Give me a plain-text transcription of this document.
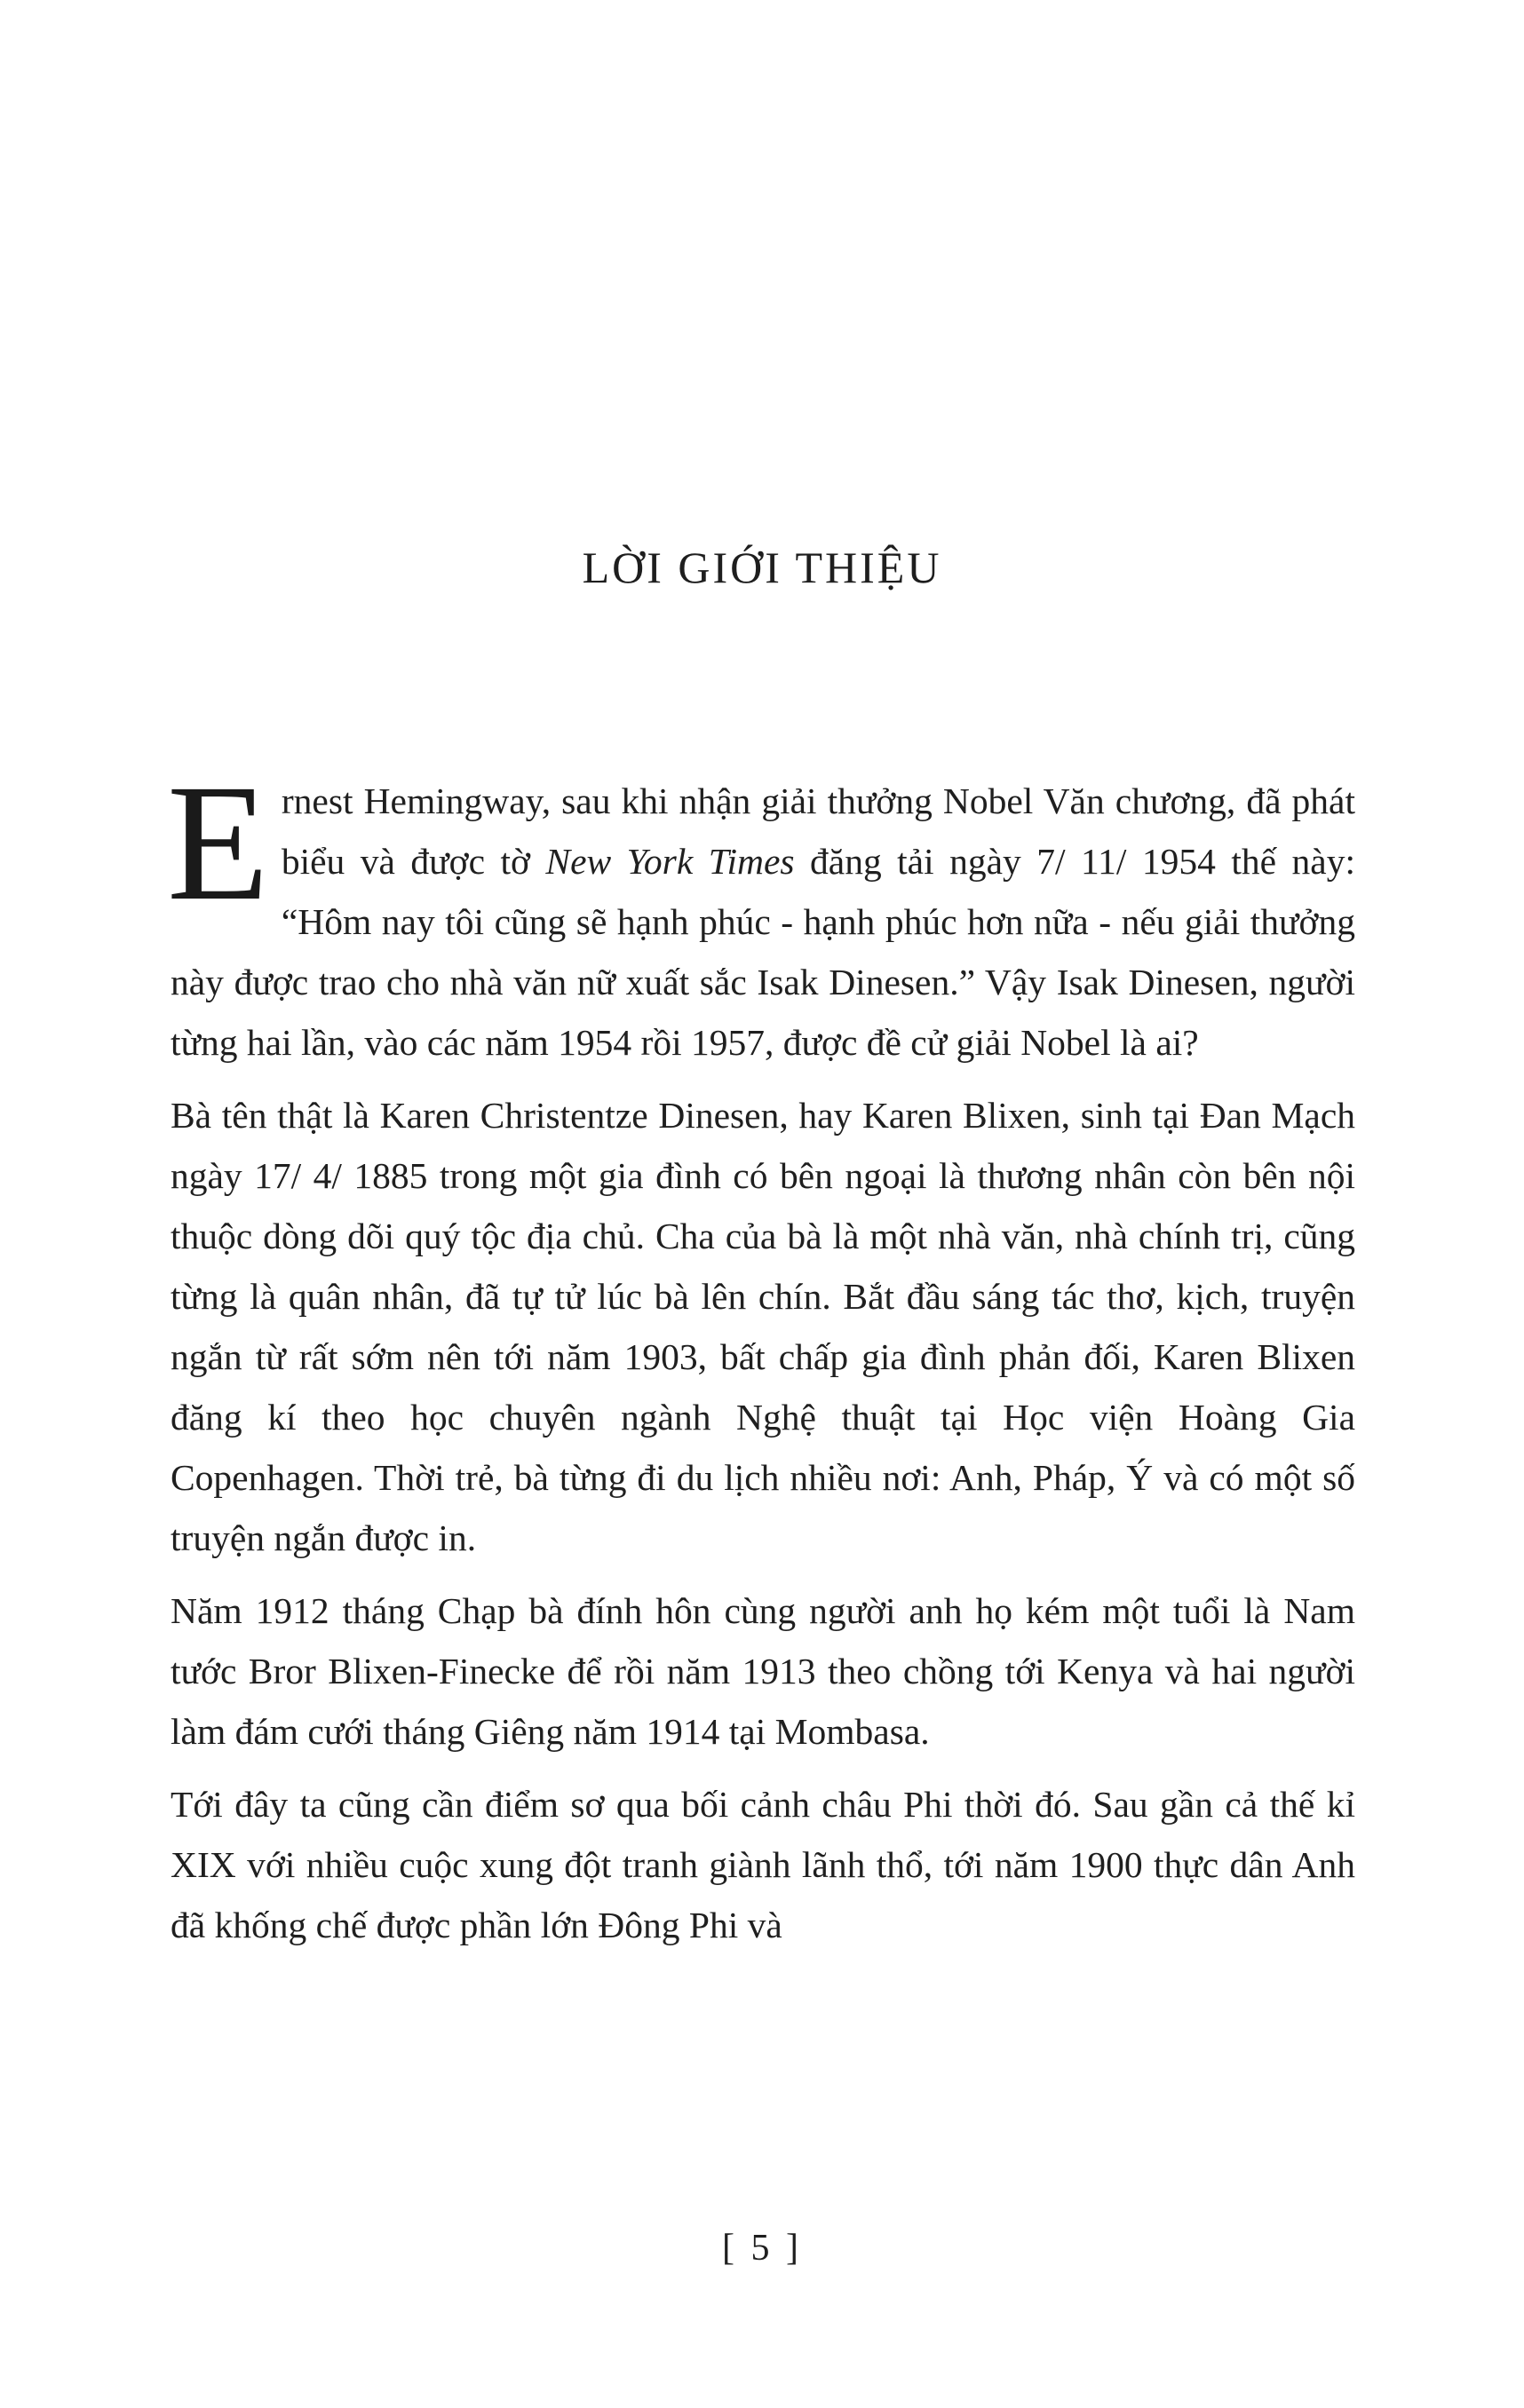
LỜI GIỚI THIỆU

Ernest Hemingway, sau khi nhận giải thưởng Nobel Văn chương, đã phát biểu và được tờ New York Times đăng tải ngày 7/ 11/ 1954 thế này: “Hôm nay tôi cũng sẽ hạnh phúc - hạnh phúc hơn nữa - nếu giải thưởng này được trao cho nhà văn nữ xuất sắc Isak Dinesen.” Vậy Isak Dinesen, người từng hai lần, vào các năm 1954 rồi 1957, được đề cử giải Nobel là ai?

Bà tên thật là Karen Christentze Dinesen, hay Karen Blixen, sinh tại Đan Mạch ngày 17/ 4/ 1885 trong một gia đình có bên ngoại là thương nhân còn bên nội thuộc dòng dõi quý tộc địa chủ. Cha của bà là một nhà văn, nhà chính trị, cũng từng là quân nhân, đã tự tử lúc bà lên chín. Bắt đầu sáng tác thơ, kịch, truyện ngắn từ rất sớm nên tới năm 1903, bất chấp gia đình phản đối, Karen Blixen đăng kí theo học chuyên ngành Nghệ thuật tại Học viện Hoàng Gia Copenhagen. Thời trẻ, bà từng đi du lịch nhiều nơi: Anh, Pháp, Ý và có một số truyện ngắn được in.

Năm 1912 tháng Chạp bà đính hôn cùng người anh họ kém một tuổi là Nam tước Bror Blixen-Finecke để rồi năm 1913 theo chồng tới Kenya và hai người làm đám cưới tháng Giêng năm 1914 tại Mombasa.

Tới đây ta cũng cần điểm sơ qua bối cảnh châu Phi thời đó. Sau gần cả thế kỉ XIX với nhiều cuộc xung đột tranh giành lãnh thổ, tới năm 1900 thực dân Anh đã khống chế được phần lớn Đông Phi và

[ 5 ]
